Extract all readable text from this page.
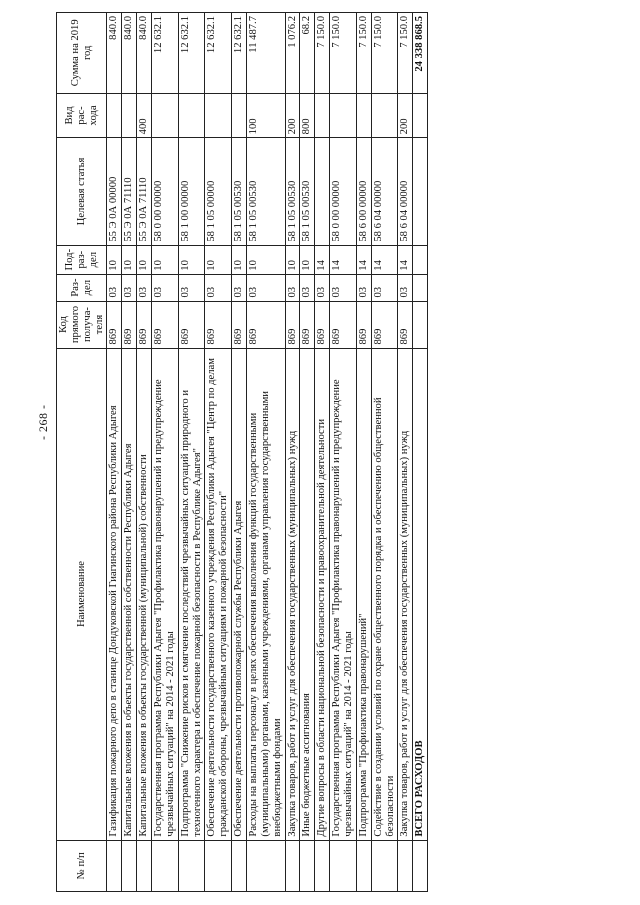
- 268 -
№ п/п	Наименование	Код прямого получа-теля	Раз-дел	Под-раз-дел	Целевая статья	Вид рас-хода	Сумма на 2019 год
	Газификация пожарного депо в станице Дондуковской Гиагинского района Республики Адыгея	869	03	10	55 Э 0А 00000		840.0
	Капитальные вложения в объекты государственной собственности Республики Адыгея	869	03	10	55 Э 0А 71110		840.0
	Капитальные вложения в объекты государственной (муниципальной) собственности	869	03	10	55 Э 0А 71110	400	840.0
	Государственная программа Республики Адыгея "Профилактика правонарушений и предупреждение чрезвычайных ситуаций" на 2014 - 2021 годы	869	03	10	58 0 00 00000		12 632.1
	Подпрограмма "Снижение рисков и смягчение последствий чрезвычайных ситуаций природного и техногенного характера и обеспечение пожарной безопасности в Республике Адыгея"	869	03	10	58 1 00 00000		12 632.1
	Обеспечение деятельности государственного казенного учреждения Республики Адыгея "Центр по делам гражданской обороны, чрезвычайным ситуациям и пожарной безопасности"	869	03	10	58 1 05 00000		12 632.1
	Обеспечение деятельности противопожарной службы Республики Адыгея	869	03	10	58 1 05 00530		12 632.1
	Расходы на выплаты персоналу в целях обеспечения выполнения функций государственными (муниципальными) органами, казенными учреждениями, органами управления государственными внебюджетными фондами	869	03	10	58 1 05 00530	100	11 487.7
	Закупка товаров, работ и услуг для обеспечения государственных (муниципальных) нужд	869	03	10	58 1 05 00530	200	1 076.2
	Иные бюджетные ассигнования	869	03	10	58 1 05 00530	800	68.2
	Другие вопросы в области национальной безопасности и правоохранительной деятельности	869	03	14			7 150.0
	Государственная программа Республики Адыгея "Профилактика правонарушений и предупреждение чрезвычайных ситуаций" на 2014 - 2021 годы	869	03	14	58 0 00 00000		7 150.0
	Подпрограмма "Профилактика правонарушений"	869	03	14	58 6 00 00000		7 150.0
	Содействие в создании условий по охране общественного порядка и обеспечению общественной безопасности	869	03	14	58 6 04 00000		7 150.0
	Закупка товаров, работ и услуг для обеспечения государственных (муниципальных) нужд	869	03	14	58 6 04 00000	200	7 150.0
	ВСЕГО РАСХОДОВ						24 338 868.5
